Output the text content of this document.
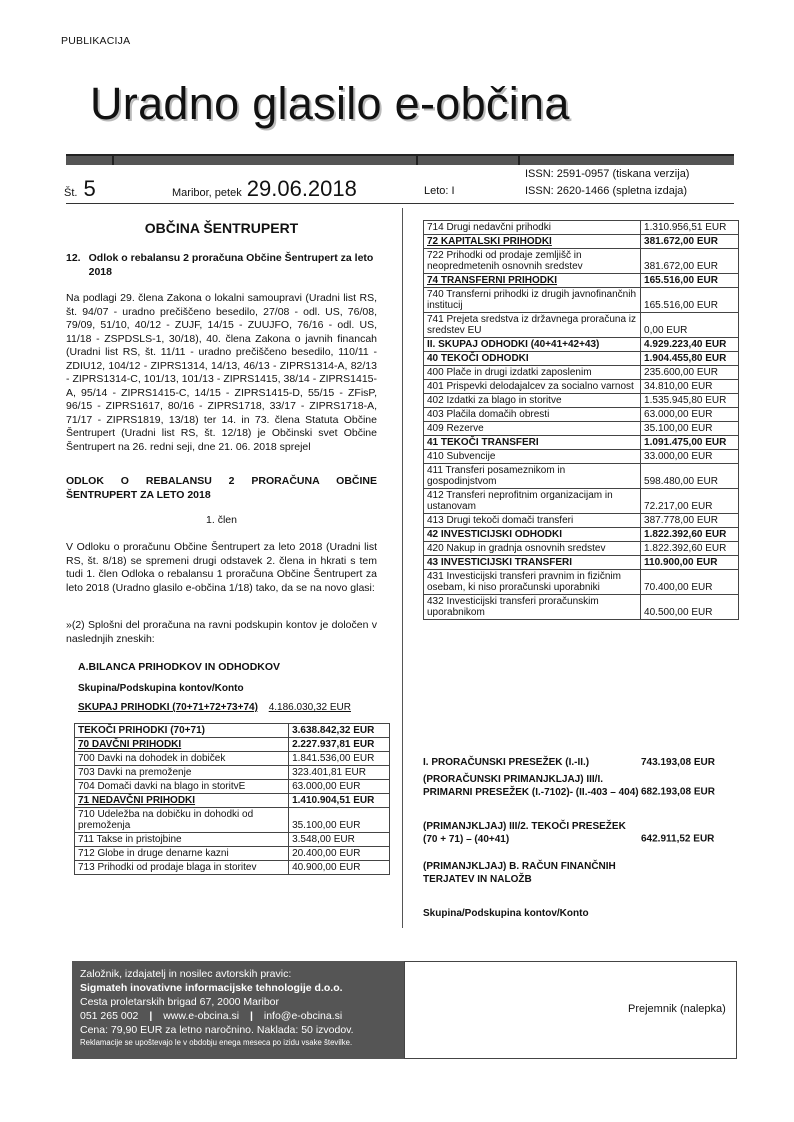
PUBLIKACIJA
Uradno glasilo e-občina
Št. 5	Maribor, petek 29.06.2018	Leto: I
ISSN: 2591-0957 (tiskana verzija)
ISSN: 2620-1466 (spletna izdaja)
OBČINA ŠENTRUPERT
12.	Odlok o rebalansu 2 proračuna Občine Šentrupert za leto 2018
Na podlagi 29. člena Zakona o lokalni samoupravi (Uradni list RS, št. 94/07 - uradno prečiščeno besedilo, 27/08 - odl. US, 76/08, 79/09, 51/10, 40/12 - ZUJF, 14/15 - ZUUJFO, 76/16 - odl. US, 11/18 - ZSPDSLS-1, 30/18), 40. člena Zakona o javnih financah (Uradni list RS, št. 11/11 - uradno prečiščeno besedilo, 110/11 - ZDIU12, 104/12 - ZIPRS1314, 14/13, 46/13 - ZIPRS1314-A, 82/13 - ZIPRS1314-C, 101/13, 101/13 - ZIPRS1415, 38/14 - ZIPRS1415-A, 95/14 - ZIPRS1415-C, 14/15 - ZIPRS1415-D, 55/15 - ZFisP, 96/15 - ZIPRS1617, 80/16 - ZIPRS1718, 33/17 - ZIPRS1718-A, 71/17 - ZIPRS1819, 13/18) ter 14. in 73. člena Statuta Občine Šentrupert (Uradni list RS, št. 12/18) je Občinski svet Občine Šentrupert na 26. redni seji, dne 21. 06. 2018 sprejel
ODLOK O REBALANSU 2 PRORAČUNA OBČINE ŠENTRUPERT ZA LETO 2018
1. člen
V Odloku o proračunu Občine Šentrupert za leto 2018 (Uradni list RS, št. 8/18) se spremeni drugi odstavek 2. člena in hkrati s tem tudi 1. člen Odloka o rebalansu 1 proračuna Občine Šentrupert za leto 2018 (Uradno glasilo e-občina 1/18) tako, da se na novo glasi:
»(2) Splošni del proračuna na ravni podskupin kontov je določen v naslednjih zneskih:
A.BILANCA PRIHODKOV IN ODHODKOV
Skupina/Podskupina kontov/Konto
SKUPAJ PRIHODKI (70+71+72+73+74) 4.186.030,32 EUR
TEKOČI PRIHODKI (70+71)	3.638.842,32 EUR
70 DAVČNI PRIHODKI	2.227.937,81 EUR
700 Davki na dohodek in dobiček	1.841.536,00 EUR
703 Davki na premoženje	323.401,81 EUR
704 Domači davki na blago in storitvE	63.000,00 EUR
71 NEDAVČNI PRIHODKI	1.410.904,51 EUR
710 Udeležba na dobičku in dohodki od premoženja	35.100,00 EUR
711 Takse in pristojbine	3.548,00 EUR
712 Globe in druge denarne kazni	20.400,00 EUR
713 Prihodki od prodaje blaga in storitev	40.900,00 EUR
714 Drugi nedavčni prihodki	1.310.956,51 EUR
72 KAPITALSKI PRIHODKI	381.672,00 EUR
722 Prihodki od prodaje zemljišč in neopredmetenih osnovnih sredstev	381.672,00 EUR
74 TRANSFERNI PRIHODKI	165.516,00 EUR
740 Transferni prihodki iz drugih javnofinančnih institucij	165.516,00 EUR
741 Prejeta sredstva iz državnega proračuna iz sredstev EU	0,00 EUR
II. SKUPAJ ODHODKI (40+41+42+43)	4.929.223,40 EUR
40 TEKOČI ODHODKI	1.904.455,80 EUR
400 Plače in drugi izdatki zaposlenim	235.600,00 EUR
401 Prispevki delodajalcev za socialno varnost	34.810,00 EUR
402 Izdatki za blago in storitve	1.535.945,80 EUR
403 Plačila domačih obresti	63.000,00 EUR
409 Rezerve	35.100,00 EUR
41 TEKOČI TRANSFERI	1.091.475,00 EUR
410 Subvencije	33.000,00 EUR
411 Transferi posameznikom in gospodinjstvom	598.480,00 EUR
412 Transferi neprofitnim organizacijam in ustanovam	72.217,00 EUR
413 Drugi tekoči domači transferi	387.778,00 EUR
42 INVESTICIJSKI ODHODKI	1.822.392,60 EUR
420 Nakup in gradnja osnovnih sredstev	1.822.392,60 EUR
43 INVESTICIJSKI TRANSFERI	110.900,00 EUR
431 Investicijski transferi pravnim in fizičnim osebam, ki niso proračunski uporabniki	70.400,00 EUR
432 Investicijski transferi proračunskim uporabnikom	40.500,00 EUR
I. PRORAČUNSKI PRESEŽEK (I.-II.)	743.193,08 EUR
(PRORAČUNSKI PRIMANJKLJAJ) III/I. PRIMARNI PRESEŽEK (I.-7102)- (II.-403 – 404) 682.193,08 EUR
(PRIMANJKLJAJ) III/2. TEKOČI PRESEŽEK (70 + 71) – (40+41)	642.911,52 EUR
(PRIMANJKLJAJ) B. RAČUN FINANČNIH TERJATEV IN NALOŽB
Skupina/Podskupina kontov/Konto
Založnik, izdajatelj in nosilec avtorskih pravic:
Sigmateh inovativne informacijske tehnologije d.o.o.
Cesta proletarskih brigad 67, 2000 Maribor
051 265 002 | www.e-obcina.si | info@e-obcina.si
Cena: 79,90 EUR za letno naročnino. Naklada: 50 izvodov.
Reklamacije se upoštevajo le v obdobju enega meseca po izidu vsake številke.
Prejemnik (nalepka)
